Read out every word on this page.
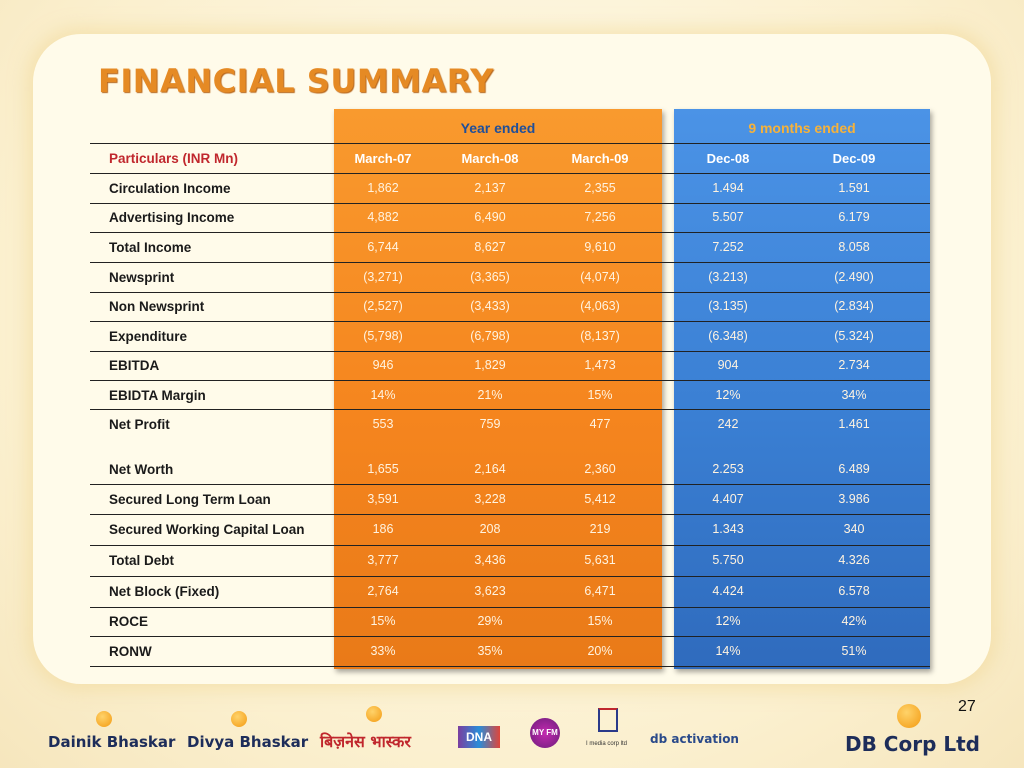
FINANCIAL SUMMARY
Year ended	9 months ended
Particulars (INR Mn)	March-07	March-08	March-09	Dec-08	Dec-09
Circulation Income	1,862	2,137	2,355	1.494	1.591
Advertising Income	4,882	6,490	7,256	5.507	6.179
Total Income	6,744	8,627	9,610	7.252	8.058
Newsprint	(3,271)	(3,365)	(4,074)	(3.213)	(2.490)
Non Newsprint	(2,527)	(3,433)	(4,063)	(3.135)	(2.834)
Expenditure	(5,798)	(6,798)	(8,137)	(6.348)	(5.324)
EBITDA	946	1,829	1,473	904	2.734
EBIDTA Margin	14%	21%	15%	12%	34%
Net Profit	553	759	477	242	1.461
Net Worth	1,655	2,164	2,360	2.253	6.489
Secured Long Term Loan	3,591	3,228	5,412	4.407	3.986
Secured Working Capital Loan	186	208	219	1.343	340
Total Debt	3,777	3,436	5,631	5.750	4.326
Net Block (Fixed)	2,764	3,623	6,471	4.424	6.578
ROCE	15%	29%	15%	12%	42%
RONW	33%	35%	20%	14%	51%
27
Dainik Bhaskar Divya Bhaskar बिज़नेस भास्कर	DNA	MY FM
I media corp ltd db activation	DB Corp Ltd
